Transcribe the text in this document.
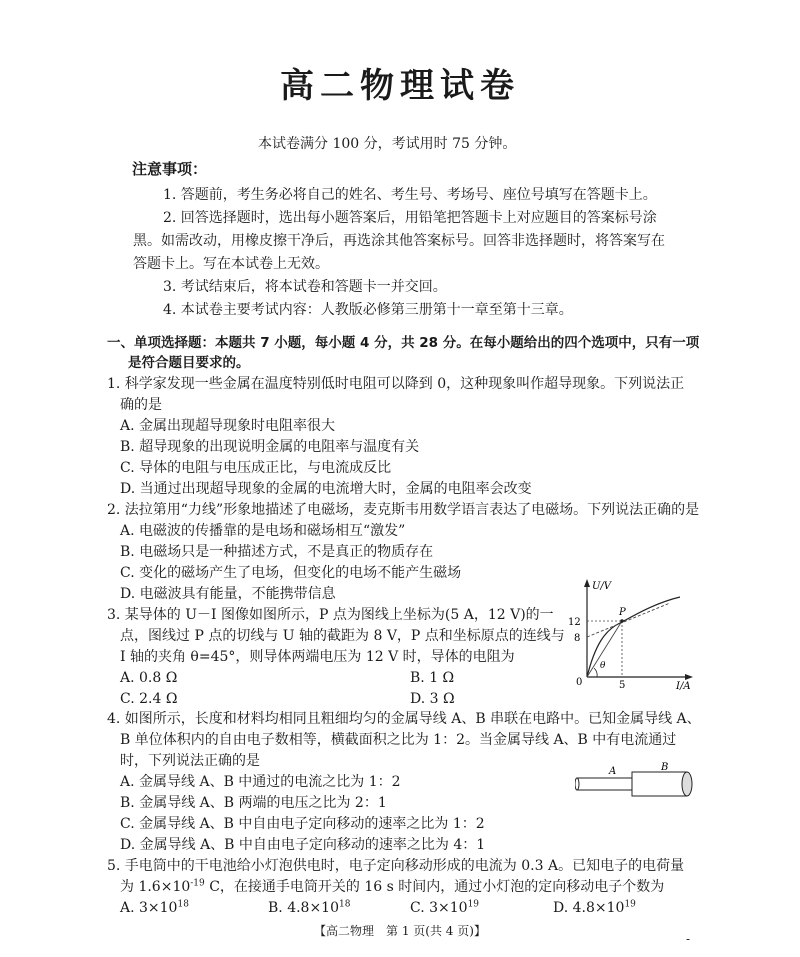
高二物理试卷
本试卷满分 100 分，考试用时 75 分钟。
注意事项：
1. 答题前，考生务必将自己的姓名、考生号、考场号、座位号填写在答题卡上。
2. 回答选择题时，选出每小题答案后，用铅笔把答题卡上对应题目的答案标号涂
黑。如需改动，用橡皮擦干净后，再选涂其他答案标号。回答非选择题时，将答案写在
答题卡上。写在本试卷上无效。
3. 考试结束后，将本试卷和答题卡一并交回。
4. 本试卷主要考试内容：人教版必修第三册第十一章至第十三章。
一、单项选择题：本题共 7 小题，每小题 4 分，共 28 分。在每小题给出的四个选项中，只有一项
是符合题目要求的。
1. 科学家发现一些金属在温度特别低时电阻可以降到 0，这种现象叫作超导现象。下列说法正
确的是
A. 金属出现超导现象时电阻率很大
B. 超导现象的出现说明金属的电阻率与温度有关
C. 导体的电阻与电压成正比，与电流成反比
D. 当通过出现超导现象的金属的电流增大时，金属的电阻率会改变
2. 法拉第用“力线”形象地描述了电磁场，麦克斯韦用数学语言表达了电磁场。下列说法正确的是
A. 电磁波的传播靠的是电场和磁场相互“激发”
B. 电磁场只是一种描述方式，不是真正的物质存在
C. 变化的磁场产生了电场，但变化的电场不能产生磁场
D. 电磁波具有能量，不能携带信息
3. 某导体的 U－I 图像如图所示，P 点为图线上坐标为(5 A，12 V)的一
点，图线过 P 点的切线与 U 轴的截距为 8 V，P 点和坐标原点的连线与
I 轴的夹角 θ=45°，则导体两端电压为 12 V 时，导体的电阻为
A. 0.8 Ω	B. 1 Ω
C. 2.4 Ω	D. 3 Ω
U/V
I/A
P
12
8
5
0
θ
4. 如图所示，长度和材料均相同且粗细均匀的金属导线 A、B 串联在电路中。已知金属导线 A、
B 单位体积内的自由电子数相等，横截面积之比为 1：2。当金属导线 A、B 中有电流通过
时，下列说法正确的是
A. 金属导线 A、B 中通过的电流之比为 1：2
B. 金属导线 A、B 两端的电压之比为 2：1
C. 金属导线 A、B 中自由电子定向移动的速率之比为 1：2
D. 金属导线 A、B 中自由电子定向移动的速率之比为 4：1
A	B
5. 手电筒中的干电池给小灯泡供电时，电子定向移动形成的电流为 0.3 A。已知电子的电荷量
为 $1.6\times 10^{-19}$ C，在接通手电筒开关的 16 s 时间内，通过小灯泡的定向移动电子个数为
A. $3\times 10^{18}$	B. $4.8\times 10^{18}$	C. $3\times 10^{19}$	D. $4.8\times 10^{19}$
【高二物理　第 1 页(共 4 页)】
-
